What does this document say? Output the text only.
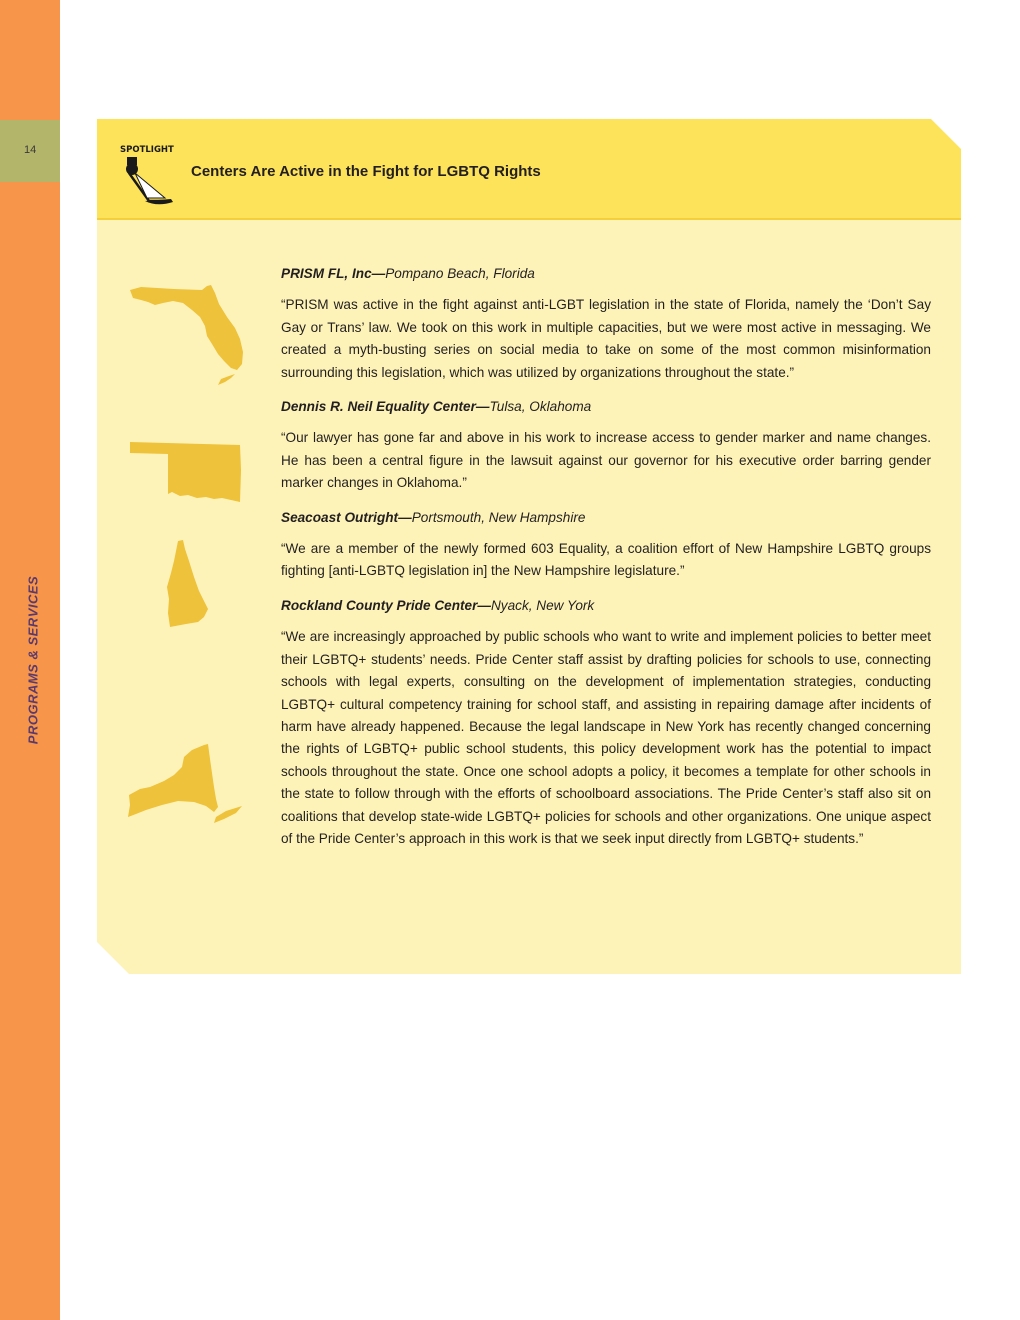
14
PROGRAMS & SERVICES
SPOTLIGHT
Centers Are Active in the Fight for LGBTQ Rights

PRISM FL, Inc—Pompano Beach, Florida

“PRISM was active in the fight against anti-LGBT legislation in the state of Florida, namely the ‘Don’t Say Gay or Trans’ law. We took on this work in multiple capacities, but we were most active in messaging. We created a myth-busting series on social media to take on some of the most common misinformation surrounding this legislation, which was utilized by organizations throughout the state.”

Dennis R. Neil Equality Center—Tulsa, Oklahoma

“Our lawyer has gone far and above in his work to increase access to gender marker and name changes. He has been a central figure in the lawsuit against our governor for his executive order barring gender marker changes in Oklahoma.”

Seacoast Outright—Portsmouth, New Hampshire

“We are a member of the newly formed 603 Equality, a coalition effort of New Hampshire LGBTQ groups fighting [anti-LGBTQ legislation in] the New Hampshire legislature.”

Rockland County Pride Center—Nyack, New York

“We are increasingly approached by public schools who want to write and implement policies to better meet their LGBTQ+ students’ needs. Pride Center staff assist by drafting policies for schools to use, connecting schools with legal experts, consulting on the development of implementation strategies, conducting LGBTQ+ cultural competency training for school staff, and assisting in repairing damage after incidents of harm have already happened. Because the legal landscape in New York has recently changed concerning the rights of LGBTQ+ public school students, this policy development work has the potential to impact schools throughout the state. Once one school adopts a policy, it becomes a template for other schools in the state to follow through with the efforts of schoolboard associations. The Pride Center’s staff also sit on coalitions that develop state-wide LGBTQ+ policies for schools and other organizations. One unique aspect of the Pride Center’s approach in this work is that we seek input directly from LGBTQ+ students.”
